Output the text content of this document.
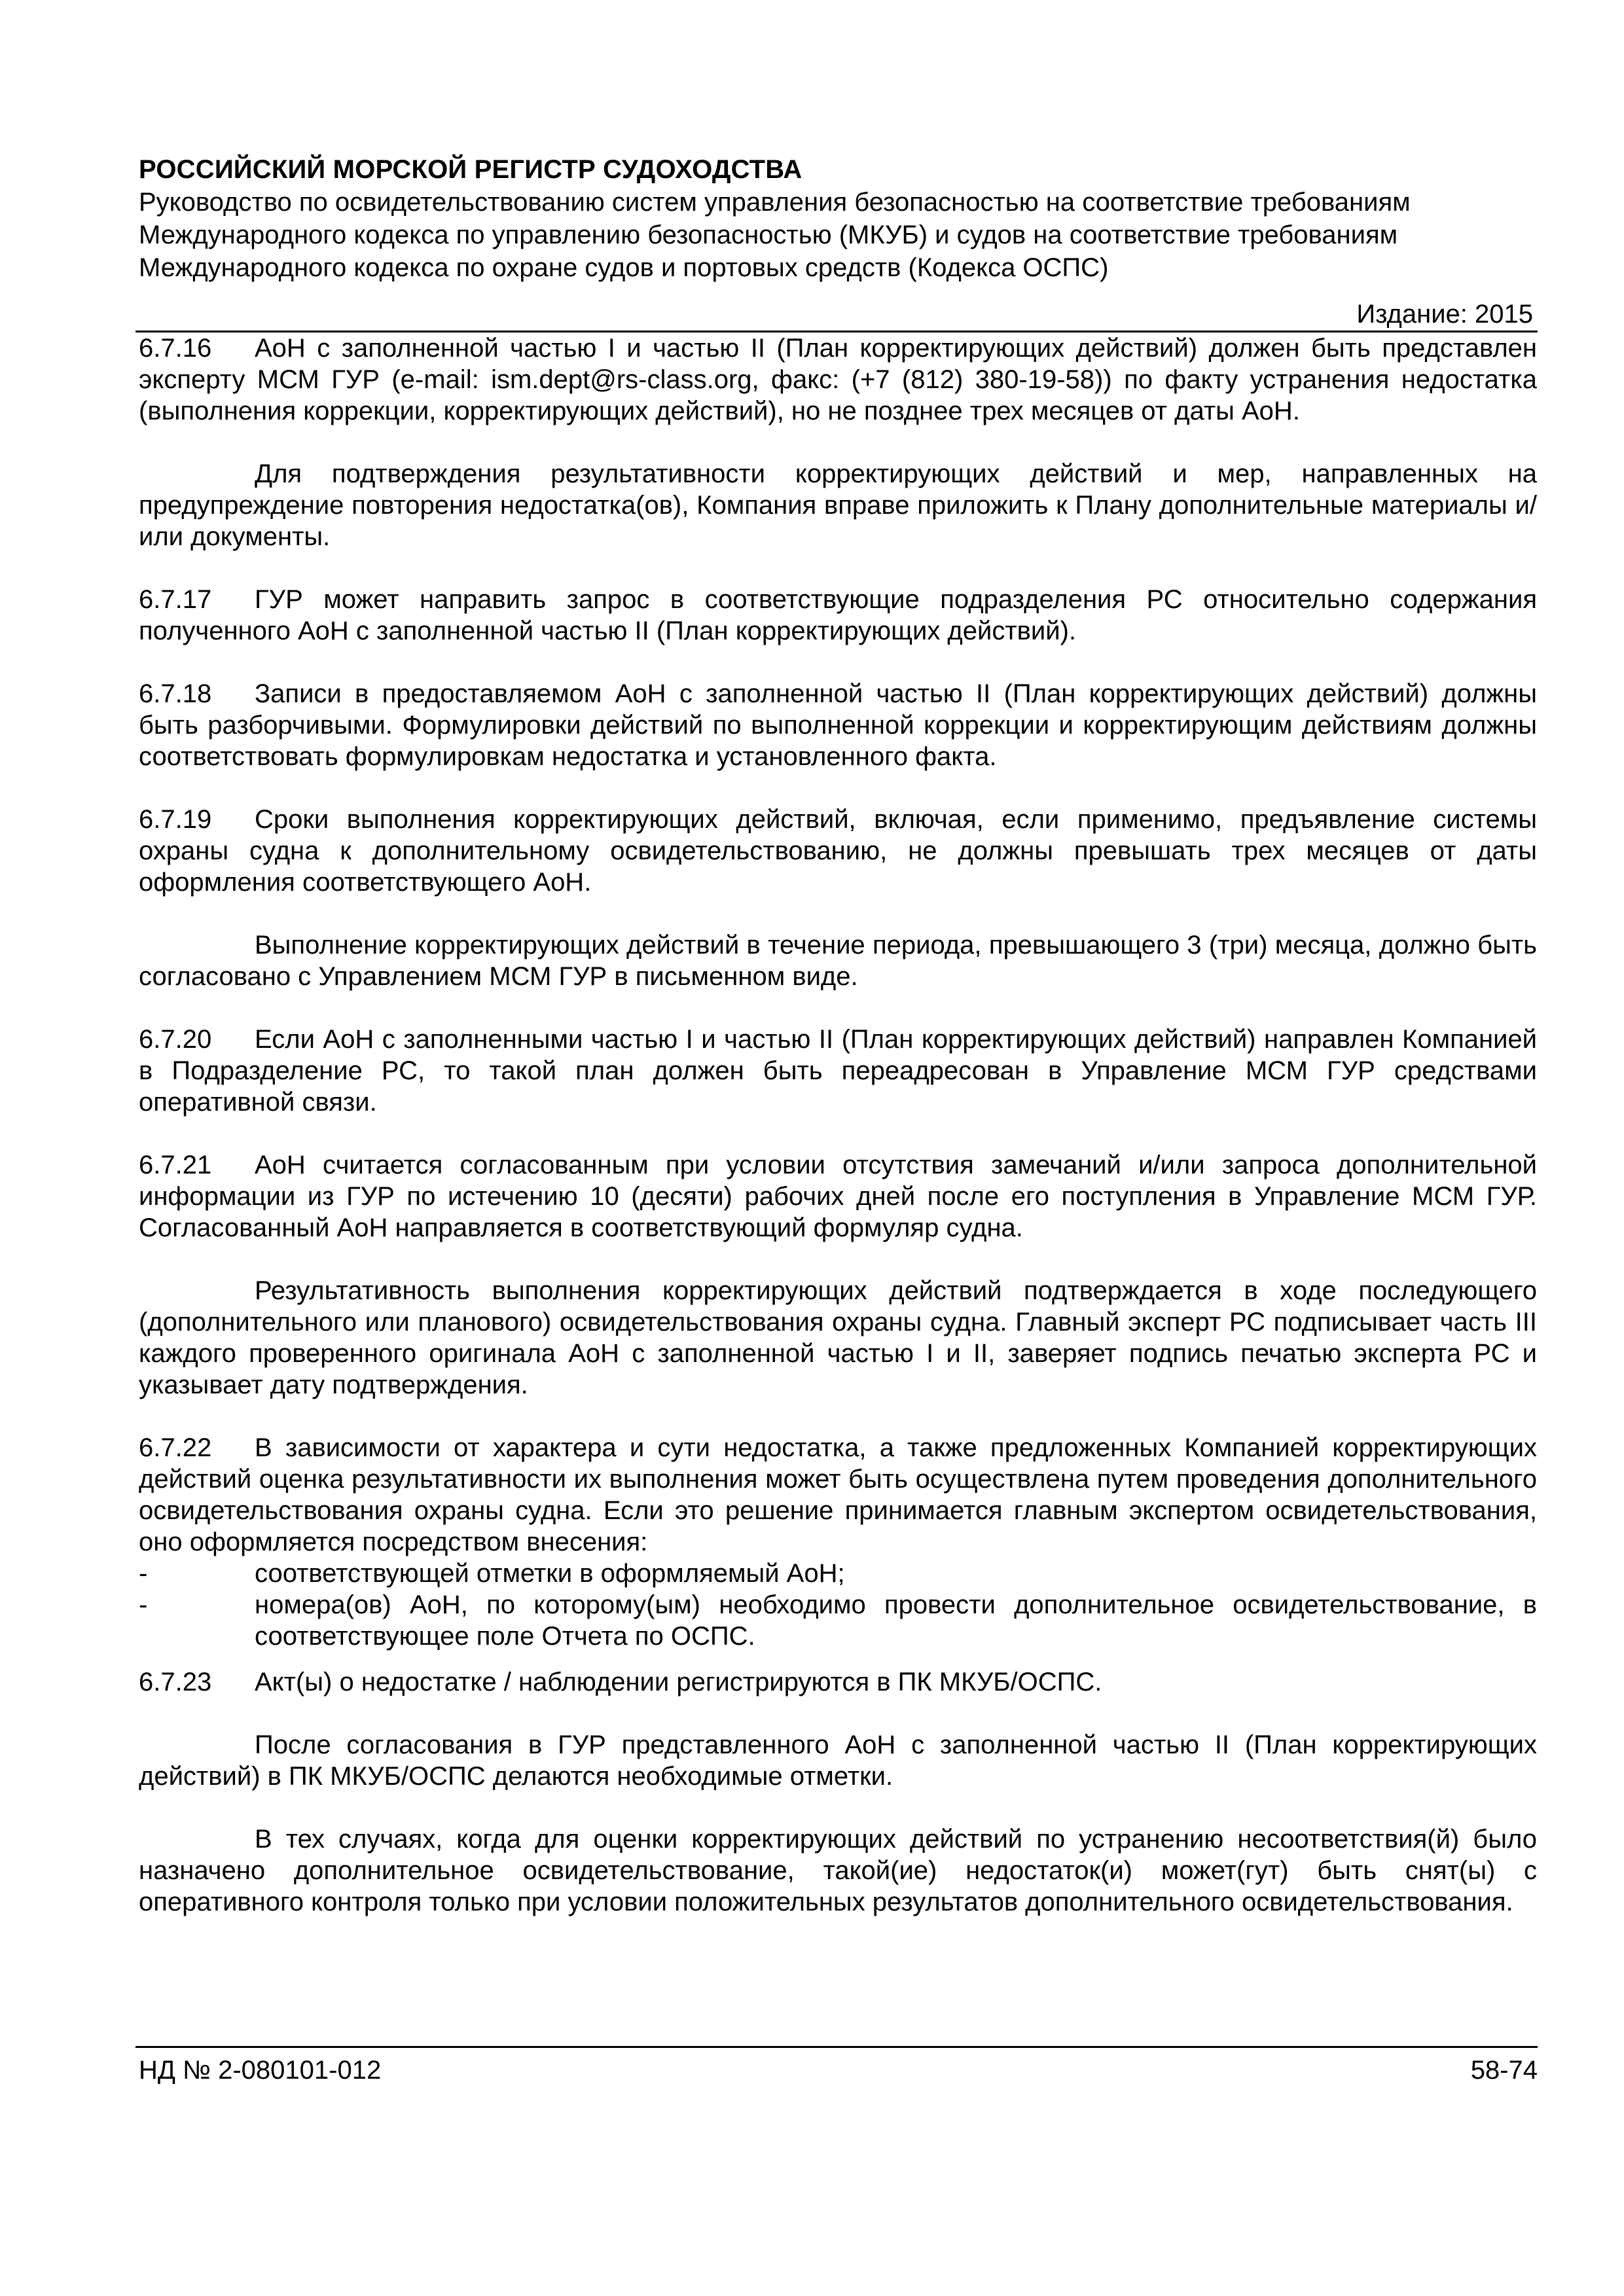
РОССИЙСКИЙ МОРСКОЙ РЕГИСТР СУДОХОДСТВА
Руководство по освидетельствованию систем управления безопасностью на соответствие требованиям
Международного кодекса по управлению безопасностью (МКУБ) и судов на соответствие требованиям
Международного кодекса по охране судов и портовых средств (Кодекса ОСПС)
Издание: 2015

6.7.16 АоН с заполненной частью I и частью II (План корректирующих действий) должен быть представлен эксперту МСМ ГУР (e-mail: ism.dept@rs-class.org, факс: (+7 (812) 380-19-58)) по факту устранения недостатка (выполнения коррекции, корректирующих действий), но не позднее трех месяцев от даты АоН.

Для подтверждения результативности корректирующих действий и мер, направленных на предупреждение повторения недостатка(ов), Компания вправе приложить к Плану дополнительные материалы и/или документы.

6.7.17 ГУР может направить запрос в соответствующие подразделения РС относительно содержания полученного АоН с заполненной частью II (План корректирующих действий).

6.7.18 Записи в предоставляемом АоН с заполненной частью II (План корректирующих действий) должны быть разборчивыми. Формулировки действий по выполненной коррекции и корректирующим действиям должны соответствовать формулировкам недостатка и установленного факта.

6.7.19 Сроки выполнения корректирующих действий, включая, если применимо, предъявление системы охраны судна к дополнительному освидетельствованию, не должны превышать трех месяцев от даты оформления соответствующего АоН.

Выполнение корректирующих действий в течение периода, превышающего 3 (три) месяца, должно быть согласовано с Управлением МСМ ГУР в письменном виде.

6.7.20 Если АоН с заполненными частью I и частью II (План корректирующих действий) направлен Компанией в Подразделение РС, то такой план должен быть переадресован в Управление МСМ ГУР средствами оперативной связи.

6.7.21 АоН считается согласованным при условии отсутствия замечаний и/или запроса дополнительной информации из ГУР по истечению 10 (десяти) рабочих дней после его поступления в Управление МСМ ГУР. Согласованный АоН направляется в соответствующий формуляр судна.

Результативность выполнения корректирующих действий подтверждается в ходе последующего (дополнительного или планового) освидетельствования охраны судна. Главный эксперт РС подписывает часть III каждого проверенного оригинала АоН с заполненной частью I и II, заверяет подпись печатью эксперта РС и указывает дату подтверждения.

6.7.22 В зависимости от характера и сути недостатка, а также предложенных Компанией корректирующих действий оценка результативности их выполнения может быть осуществлена путем проведения дополнительного освидетельствования охраны судна. Если это решение принимается главным экспертом освидетельствования, оно оформляется посредством внесения:

-	соответствующей отметки в оформляемый АоН;
-	номера(ов) АоН, по которому(ым) необходимо провести дополнительное освидетельствование, в соответствующее поле Отчета по ОСПС.

6.7.23 Акт(ы) о недостатке / наблюдении регистрируются в ПК МКУБ/ОСПС.

После согласования в ГУР представленного АоН с заполненной частью II (План корректирующих действий) в ПК МКУБ/ОСПС делаются необходимые отметки.

В тех случаях, когда для оценки корректирующих действий по устранению несоответствия(й) было назначено дополнительное освидетельствование, такой(ие) недостаток(и) может(гут) быть снят(ы) с оперативного контроля только при условии положительных результатов дополнительного освидетельствования.

НД № 2-080101-012	58-74
